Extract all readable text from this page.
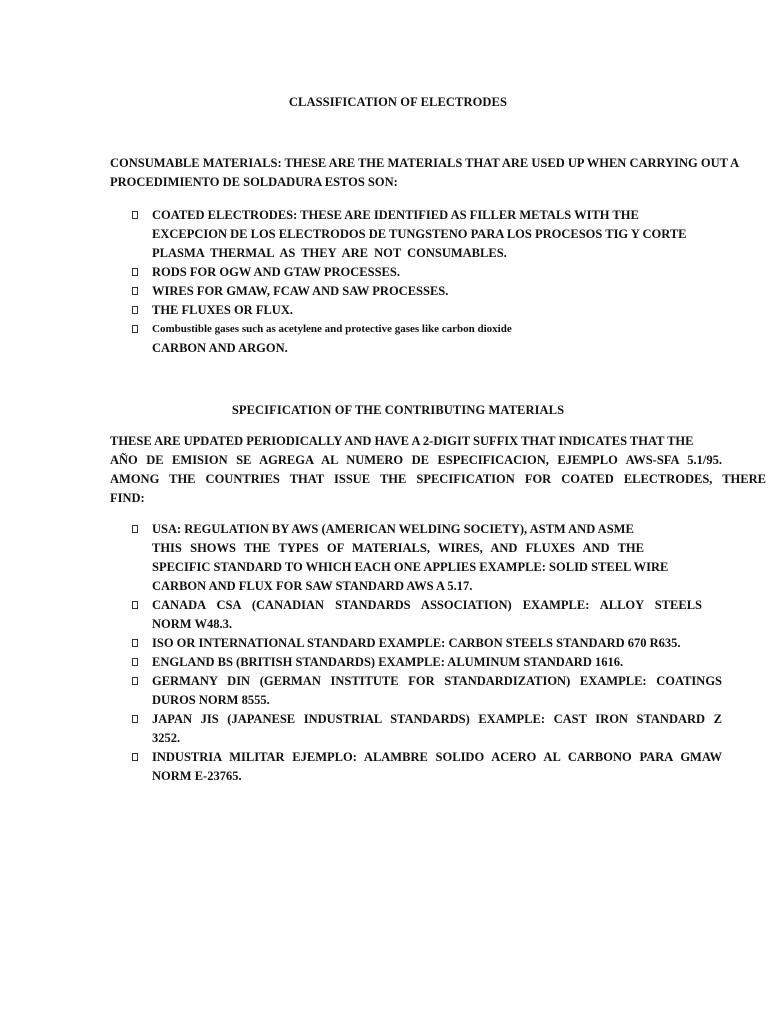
CLASSIFICATION OF ELECTRODES
CONSUMABLE MATERIALS: THESE ARE THE MATERIALS THAT ARE USED UP WHEN CARRYING OUT A
PROCEDIMIENTO DE SOLDADURA ESTOS SON:
COATED ELECTRODES: THESE ARE IDENTIFIED AS FILLER METALS WITH THE
EXCEPCION DE LOS ELECTRODOS DE TUNGSTENO PARA LOS PROCESOS TIG Y CORTE
PLASMA THERMAL AS THEY ARE NOT CONSUMABLES.
RODS FOR OGW AND GTAW PROCESSES.
WIRES FOR GMAW, FCAW AND SAW PROCESSES.
THE FLUXES OR FLUX.
Combustible gases such as acetylene and protective gases like carbon dioxide
CARBON AND ARGON.
SPECIFICATION OF THE CONTRIBUTING MATERIALS
THESE ARE UPDATED PERIODICALLY AND HAVE A 2-DIGIT SUFFIX THAT INDICATES THAT THE
AÑO DE EMISION SE AGREGA AL NUMERO DE ESPECIFICACION, EJEMPLO AWS-SFA 5.1/95.
AMONG THE COUNTRIES THAT ISSUE THE SPECIFICATION FOR COATED ELECTRODES, THERE
FIND:
USA: REGULATION BY AWS (AMERICAN WELDING SOCIETY), ASTM AND ASME
THIS SHOWS THE TYPES OF MATERIALS, WIRES, AND FLUXES AND THE
SPECIFIC STANDARD TO WHICH EACH ONE APPLIES EXAMPLE: SOLID STEEL WIRE
CARBON AND FLUX FOR SAW STANDARD AWS A 5.17.
CANADA CSA (CANADIAN STANDARDS ASSOCIATION) EXAMPLE: ALLOY STEELS
NORM W48.3.
ISO OR INTERNATIONAL STANDARD EXAMPLE: CARBON STEELS STANDARD 670 R635.
ENGLAND BS (BRITISH STANDARDS) EXAMPLE: ALUMINUM STANDARD 1616.
GERMANY DIN (GERMAN INSTITUTE FOR STANDARDIZATION) EXAMPLE: COATINGS
DUROS NORM 8555.
JAPAN JIS (JAPANESE INDUSTRIAL STANDARDS) EXAMPLE: CAST IRON STANDARD Z
3252.
INDUSTRIA MILITAR EJEMPLO: ALAMBRE SOLIDO ACERO AL CARBONO PARA GMAW
NORM E-23765.
